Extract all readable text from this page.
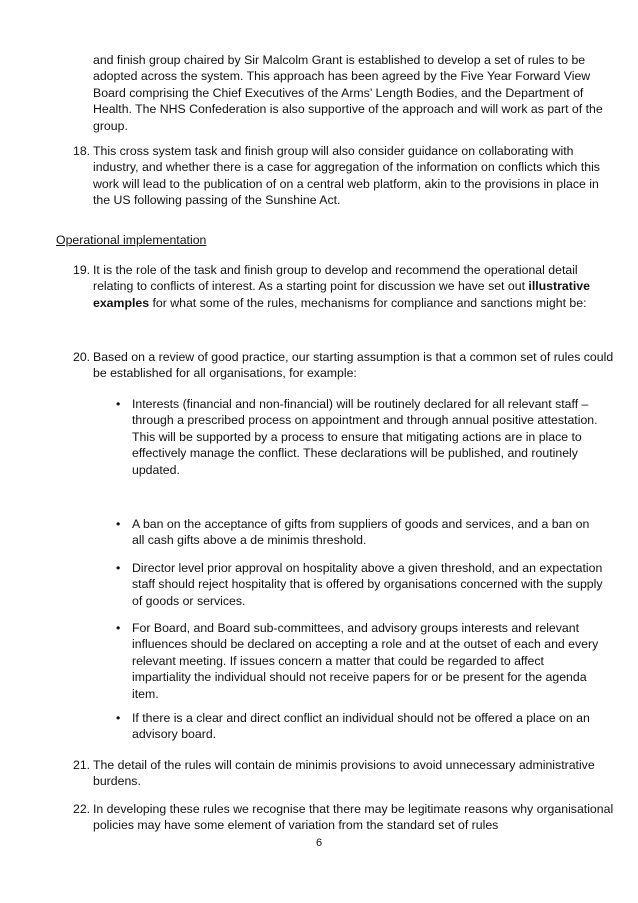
and finish group chaired by Sir Malcolm Grant is established to develop a set of rules to be adopted across the system. This approach has been agreed by the Five Year Forward View Board comprising the Chief Executives of the Arms’ Length Bodies, and the Department of Health. The NHS Confederation is also supportive of the approach and will work as part of the group.
18. This cross system task and finish group will also consider guidance on collaborating with industry, and whether there is a case for aggregation of the information on conflicts which this work will lead to the publication of on a central web platform, akin to the provisions in place in the US following passing of the Sunshine Act.
Operational implementation
19. It is the role of the task and finish group to develop and recommend the operational detail relating to conflicts of interest. As a starting point for discussion we have set out illustrative examples for what some of the rules, mechanisms for compliance and sanctions might be:
20. Based on a review of good practice, our starting assumption is that a common set of rules could be established for all organisations, for example:
• Interests (financial and non-financial) will be routinely declared for all relevant staff – through a prescribed process on appointment and through annual positive attestation. This will be supported by a process to ensure that mitigating actions are in place to effectively manage the conflict. These declarations will be published, and routinely updated.
• A ban on the acceptance of gifts from suppliers of goods and services, and a ban on all cash gifts above a de minimis threshold.
• Director level prior approval on hospitality above a given threshold, and an expectation staff should reject hospitality that is offered by organisations concerned with the supply of goods or services.
• For Board, and Board sub-committees, and advisory groups interests and relevant influences should be declared on accepting a role and at the outset of each and every relevant meeting. If issues concern a matter that could be regarded to affect impartiality the individual should not receive papers for or be present for the agenda item.
• If there is a clear and direct conflict an individual should not be offered a place on an advisory board.
21. The detail of the rules will contain de minimis provisions to avoid unnecessary administrative burdens.
22. In developing these rules we recognise that there may be legitimate reasons why organisational policies may have some element of variation from the standard set of rules
6
